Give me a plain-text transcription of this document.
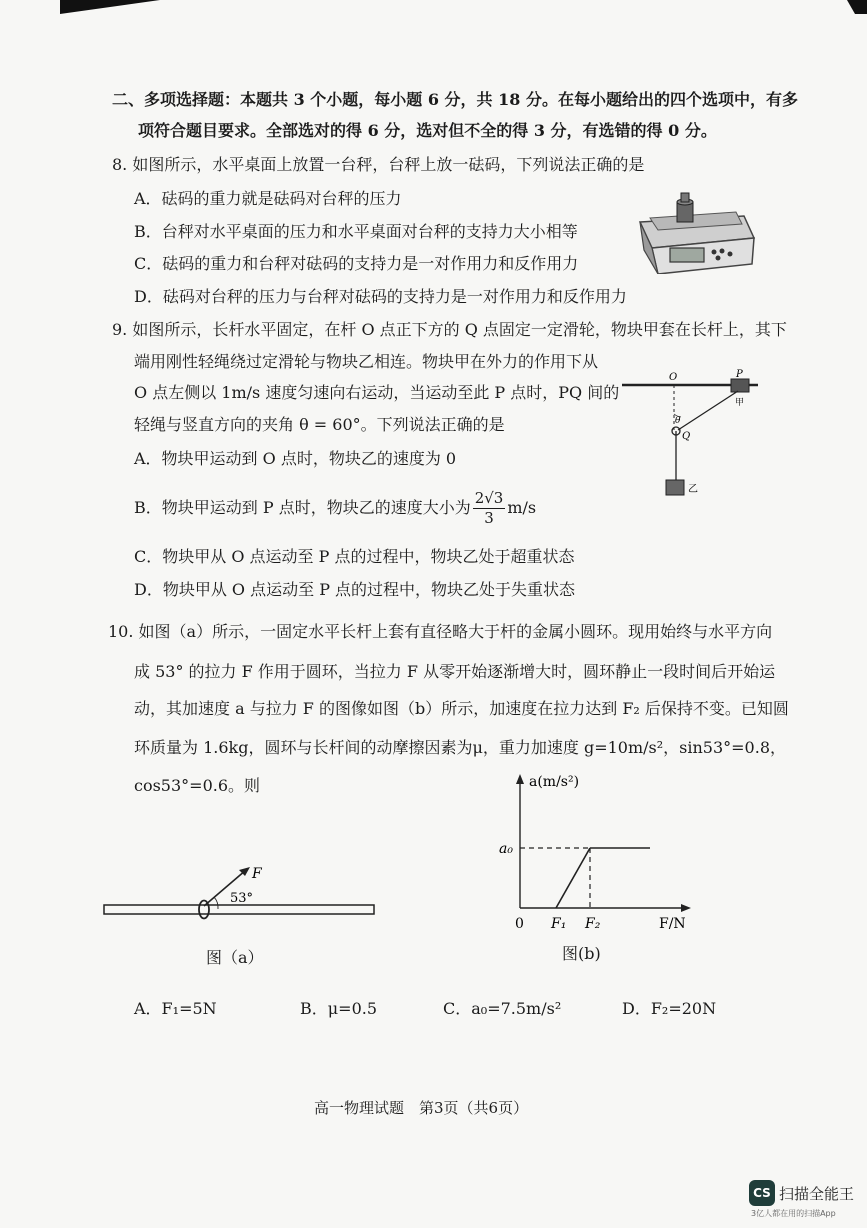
二、多项选择题：本题共 3 个小题，每小题 6 分，共 18 分。在每小题给出的四个选项中，有多
项符合题目要求。全部选对的得 6 分，选对但不全的得 3 分，有选错的得 0 分。
8. 如图所示，水平桌面上放置一台秤，台秤上放一砝码，下列说法正确的是
A．砝码的重力就是砝码对台秤的压力
B．台秤对水平桌面的压力和水平桌面对台秤的支持力大小相等
C．砝码的重力和台秤对砝码的支持力是一对作用力和反作用力
D．砝码对台秤的压力与台秤对砝码的支持力是一对作用力和反作用力
9. 如图所示，长杆水平固定，在杆 O 点正下方的 Q 点固定一定滑轮，物块甲套在长杆上，其下
端用刚性轻绳绕过定滑轮与物块乙相连。物块甲在外力的作用下从
O 点左侧以 1m/s 速度匀速向右运动，当运动至此 P 点时，PQ 间的
轻绳与竖直方向的夹角 θ = 60°。下列说法正确的是
A．物块甲运动到 O 点时，物块乙的速度为 0
B．物块甲运动到 P 点时，物块乙的速度大小为 $\frac{2√3}{3} m/s$
C．物块甲从 O 点运动至 P 点的过程中，物块乙处于超重状态
D．物块甲从 O 点运动至 P 点的过程中，物块乙处于失重状态
O	P
甲
θ
Q
乙
10. 如图（a）所示，一固定水平长杆上套有直径略大于杆的金属小圆环。现用始终与水平方向
成 53° 的拉力 F 作用于圆环，当拉力 F 从零开始逐渐增大时，圆环静止一段时间后开始运
动，其加速度 a 与拉力 F 的图像如图（b）所示，加速度在拉力达到 F₂ 后保持不变。已知圆
环质量为 1.6kg，圆环与长杆间的动摩擦因素为μ，重力加速度 g=10m/s²，sin53°=0.8，
cos53°=0.6。则
F
53°
图（a）
a(m/s²)
a₀
0 F₁ F₂	F/N
图(b)
A．F₁=5N	B．μ=0.5	C．a₀=7.5m/s²	D．F₂=20N
高一物理试题　第3页（共6页）
CS 扫描全能王
3亿人都在用的扫描App
